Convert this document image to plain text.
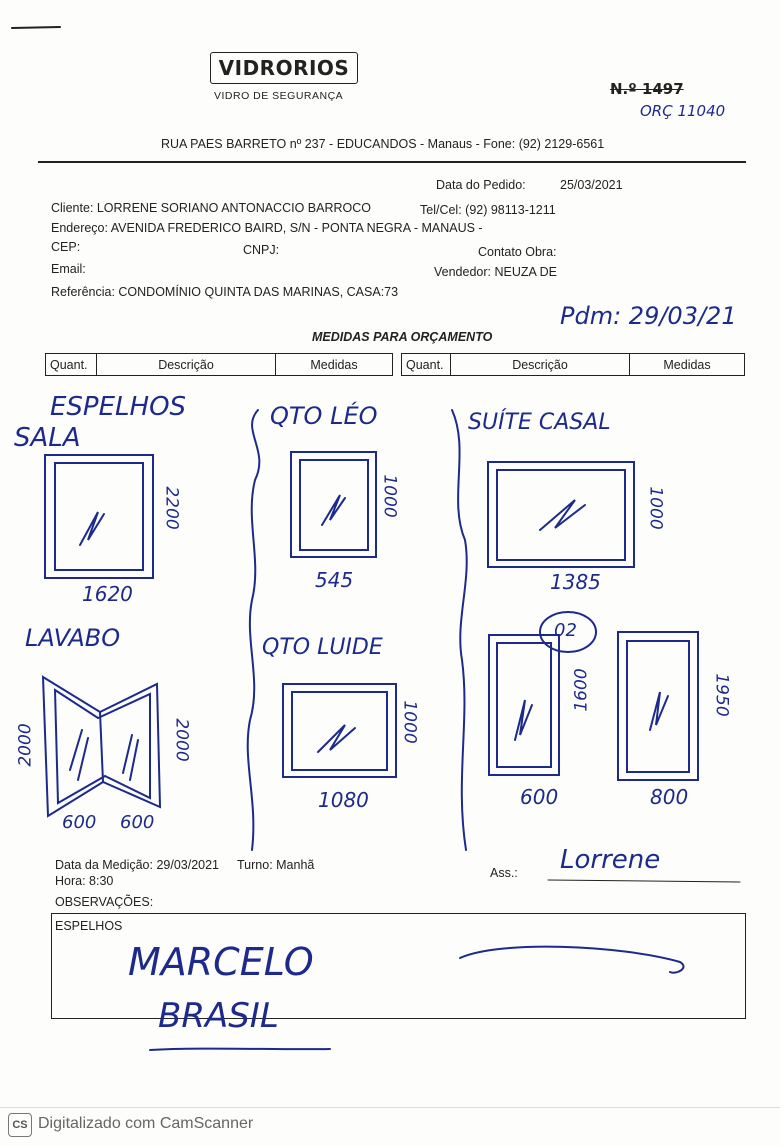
VIDRORIOS
VIDRO DE SEGURANÇA	N.º 1497
ORÇ 11040
RUA PAES BARRETO nº 237 - EDUCANDOS - Manaus - Fone: (92) 2129-6561
Data do Pedido:	25/03/2021
Cliente: LORRENE SORIANO ANTONACCIO BARROCO	Tel/Cel: (92) 98113-1211
Endereço: AVENIDA FREDERICO BAIRD, S/N - PONTA NEGRA - MANAUS -
CEP:	CNPJ:	Contato Obra:
Email:	Vendedor: NEUZA DE
Referência: CONDOMÍNIO QUINTA DAS MARINAS, CASA:73
Pdm: 29/03/21
MEDIDAS PARA ORÇAMENTO
Quant.	Descrição	Medidas	Quant.	Descrição	Medidas
ESPELHOS
SALA
2200
1620
QTO LÉO
1000
545
SUÍTE CASAL
1000
1385
LAVABO
2000	2000
600 600
QTO LUIDE
1000
1080
02
1600
600
1950
800
Data da Medição: 29/03/2021 Turno: Manhã
Hora: 8:30
Ass.: Lorrene
OBSERVAÇÕES:
ESPELHOS
MARCELO
BRASIL
CS Digitalizado com CamScanner
